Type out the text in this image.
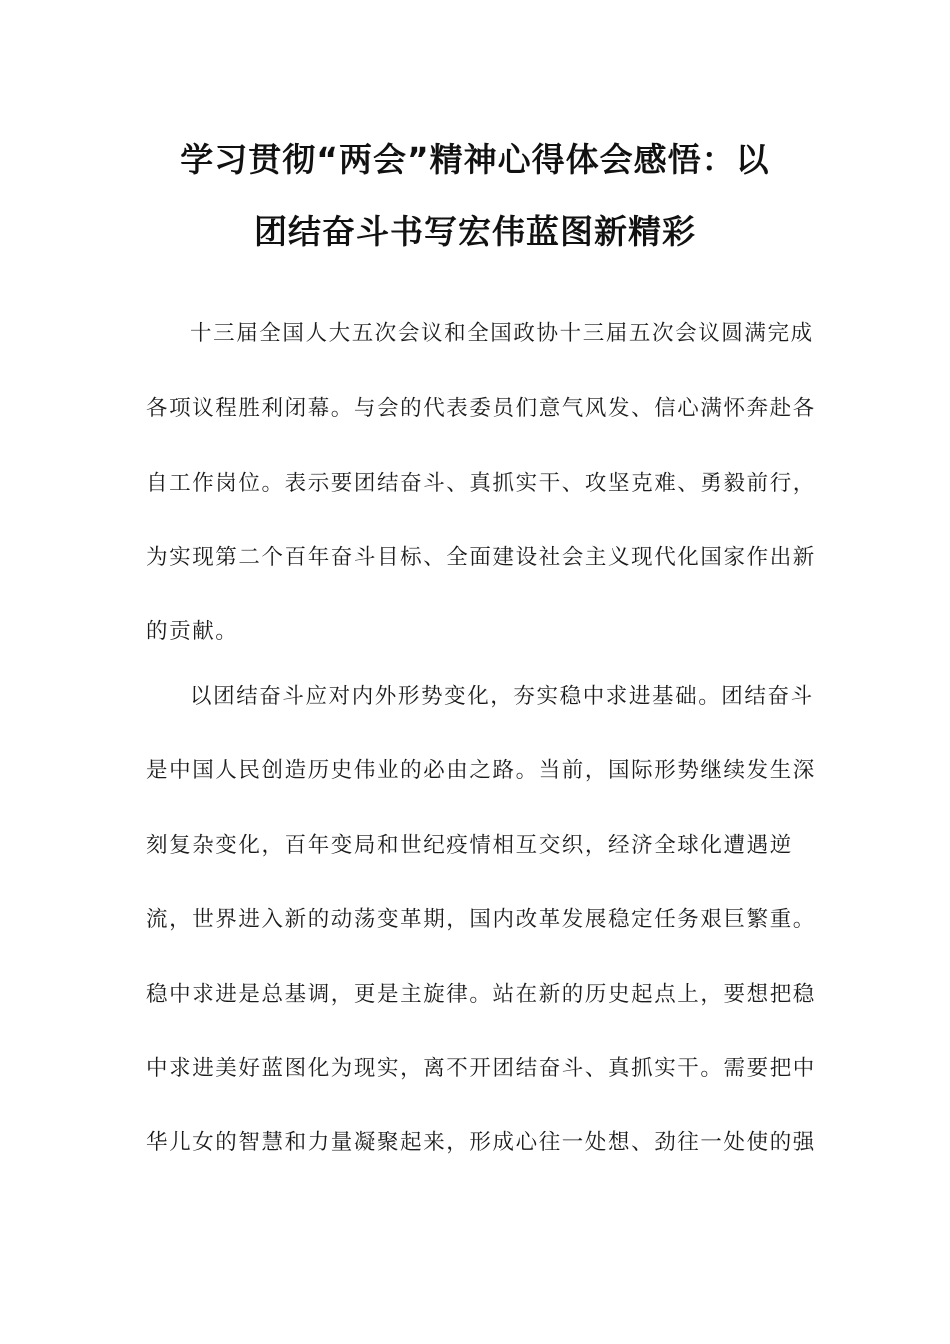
学习贯彻“两会”精神心得体会感悟：以
团结奋斗书写宏伟蓝图新精彩
十三届全国人大五次会议和全国政协十三届五次会议圆满完成
各项议程胜利闭幕。与会的代表委员们意气风发、信心满怀奔赴各
自工作岗位。表示要团结奋斗、真抓实干、攻坚克难、勇毅前行，
为实现第二个百年奋斗目标、全面建设社会主义现代化国家作出新
的贡献。
以团结奋斗应对内外形势变化，夯实稳中求进基础。团结奋斗
是中国人民创造历史伟业的必由之路。当前，国际形势继续发生深
刻复杂变化，百年变局和世纪疫情相互交织，经济全球化遭遇逆
流，世界进入新的动荡变革期，国内改革发展稳定任务艰巨繁重。
稳中求进是总基调，更是主旋律。站在新的历史起点上，要想把稳
中求进美好蓝图化为现实，离不开团结奋斗、真抓实干。需要把中
华儿女的智慧和力量凝聚起来，形成心往一处想、劲往一处使的强
